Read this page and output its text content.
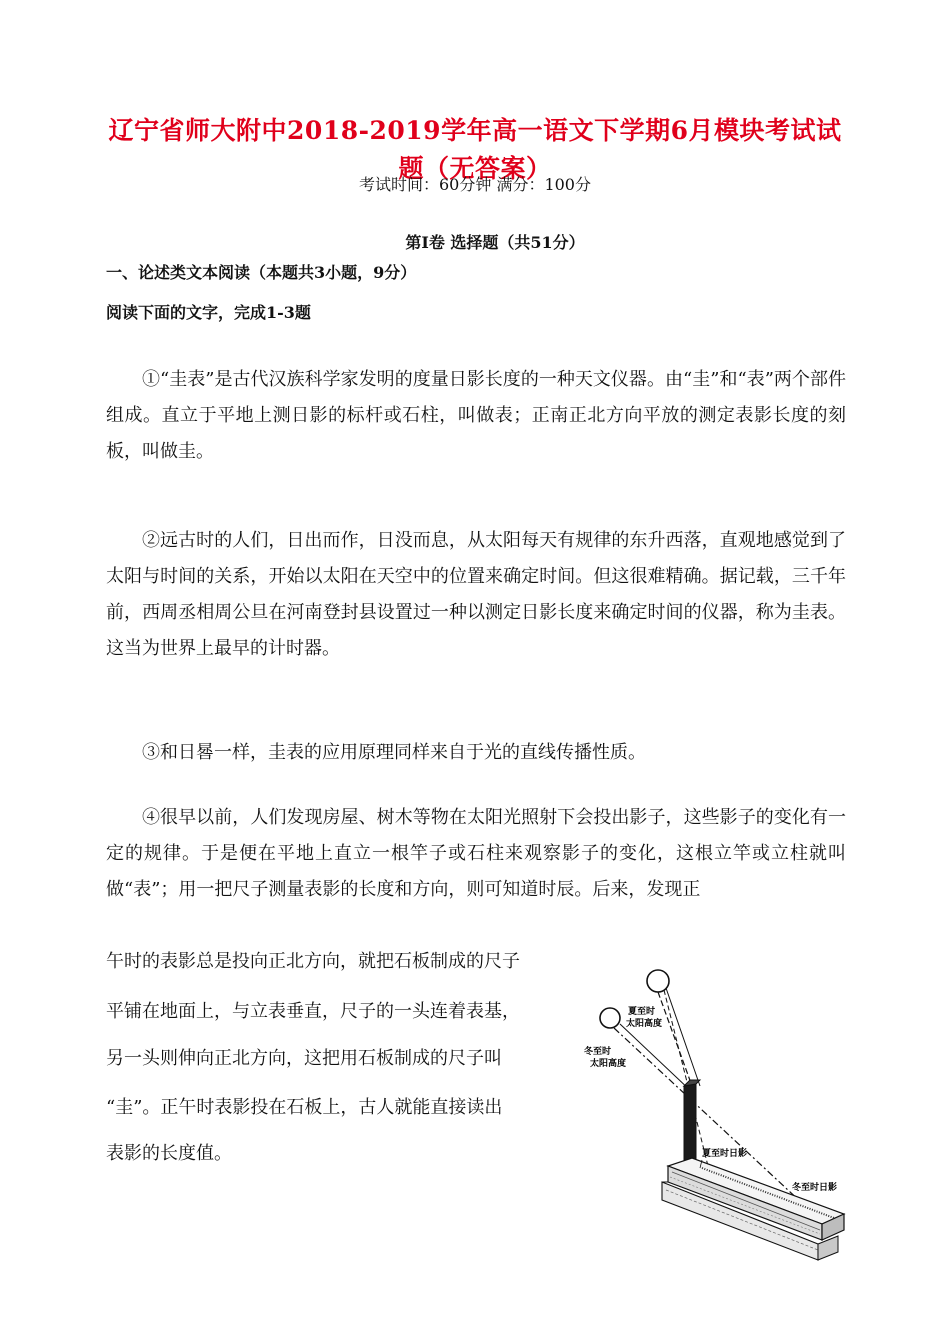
辽宁省师大附中2018-2019学年高一语文下学期6月模块考试试题（无答案）
考试时间：60分钟 满分：100分
第Ⅰ卷 选择题（共51分）
一、论述类文本阅读（本题共3小题，9分）
阅读下面的文字，完成1-3题
①“圭表”是古代汉族科学家发明的度量日影长度的一种天文仪器。由“圭”和“表”两个部件组成。直立于平地上测日影的标杆或石柱，叫做表；正南正北方向平放的测定表影长度的刻板，叫做圭。
②远古时的人们，日出而作，日没而息，从太阳每天有规律的东升西落，直观地感觉到了太阳与时间的关系，开始以太阳在天空中的位置来确定时间。但这很难精确。据记载，三千年前，西周丞相周公旦在河南登封县设置过一种以测定日影长度来确定时间的仪器，称为圭表。这当为世界上最早的计时器。
③和日晷一样，圭表的应用原理同样来自于光的直线传播性质。
④很早以前，人们发现房屋、树木等物在太阳光照射下会投出影子，这些影子的变化有一定的规律。于是便在平地上直立一根竿子或石柱来观察影子的变化，这根立竿或立柱就叫做“表”；用一把尺子测量表影的长度和方向，则可知道时辰。后来，发现正
午时的表影总是投向正北方向，就把石板制成的尺子
平铺在地面上，与立表垂直，尺子的一头连着表基，
另一头则伸向正北方向，这把用石板制成的尺子叫
“圭”。正午时表影投在石板上，古人就能直接读出
表影的长度值。
夏至时
太阳高度
冬至时
太阳高度
夏至时日影
冬至时日影
